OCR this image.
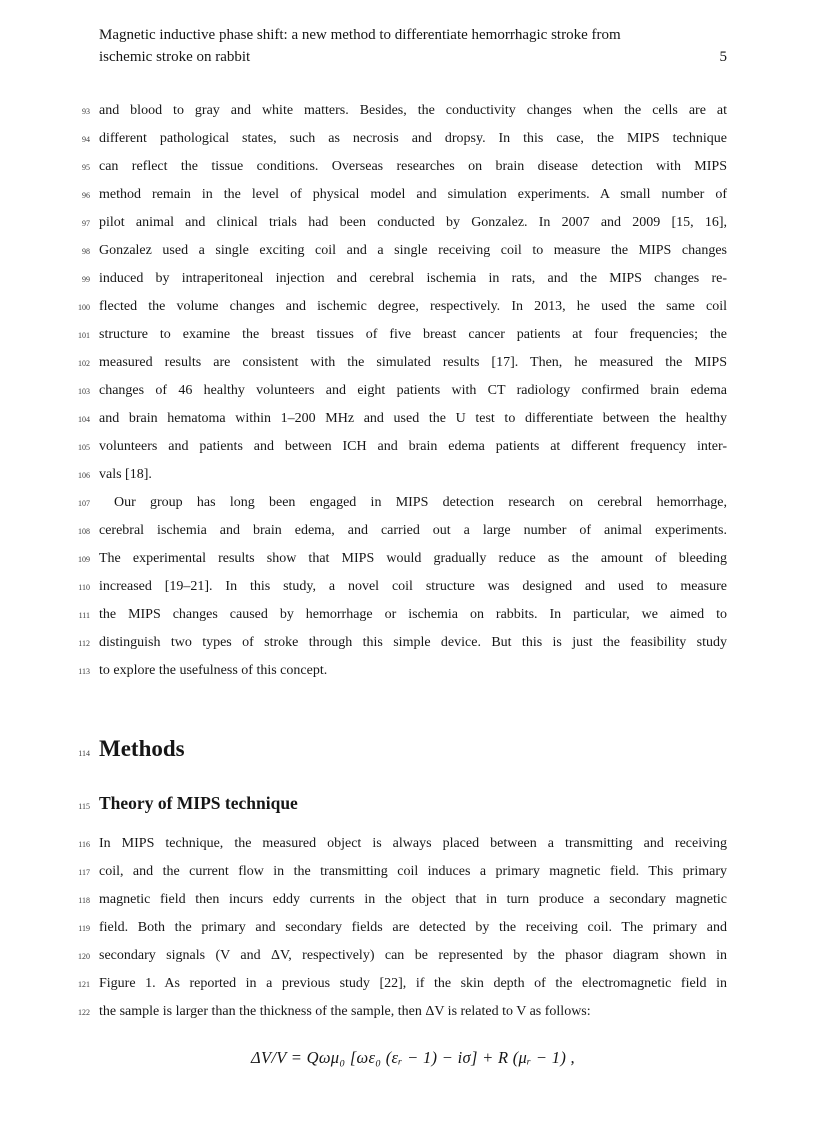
Magnetic inductive phase shift: a new method to differentiate hemorrhagic stroke from
ischemic stroke on rabbit	5
93 and blood to gray and white matters. Besides, the conductivity changes when the cells are at
94 different pathological states, such as necrosis and dropsy. In this case, the MIPS technique
95 can reflect the tissue conditions. Overseas researches on brain disease detection with MIPS
96 method remain in the level of physical model and simulation experiments. A small number of
97 pilot animal and clinical trials had been conducted by Gonzalez. In 2007 and 2009 [15, 16],
98 Gonzalez used a single exciting coil and a single receiving coil to measure the MIPS changes
99 induced by intraperitoneal injection and cerebral ischemia in rats, and the MIPS changes re-
100 flected the volume changes and ischemic degree, respectively. In 2013, he used the same coil
101 structure to examine the breast tissues of five breast cancer patients at four frequencies; the
102 measured results are consistent with the simulated results [17]. Then, he measured the MIPS
103 changes of 46 healthy volunteers and eight patients with CT radiology confirmed brain edema
104 and brain hematoma within 1–200 MHz and used the U test to differentiate between the healthy
105 volunteers and patients and between ICH and brain edema patients at different frequency inter-
106 vals [18].
107	Our group has long been engaged in MIPS detection research on cerebral hemorrhage,
108 cerebral ischemia and brain edema, and carried out a large number of animal experiments.
109 The experimental results show that MIPS would gradually reduce as the amount of bleeding
110 increased [19–21]. In this study, a novel coil structure was designed and used to measure
111 the MIPS changes caused by hemorrhage or ischemia on rabbits. In particular, we aimed to
112 distinguish two types of stroke through this simple device. But this is just the feasibility study
113 to explore the usefulness of this concept.
114 Methods
115 Theory of MIPS technique
116 In MIPS technique, the measured object is always placed between a transmitting and receiving
117 coil, and the current flow in the transmitting coil induces a primary magnetic field. This primary
118 magnetic field then incurs eddy currents in the object that in turn produce a secondary magnetic
119 field. Both the primary and secondary fields are detected by the receiving coil. The primary and
120 secondary signals (V and ΔV, respectively) can be represented by the phasor diagram shown in
121 Figure 1. As reported in a previous study [22], if the skin depth of the electromagnetic field in
122 the sample is larger than the thickness of the sample, then ΔV is related to V as follows:
ΔV/V = Qωμ₀ [ωε₀ (εᵣ − 1) − iσ] + R (μᵣ − 1) ,
